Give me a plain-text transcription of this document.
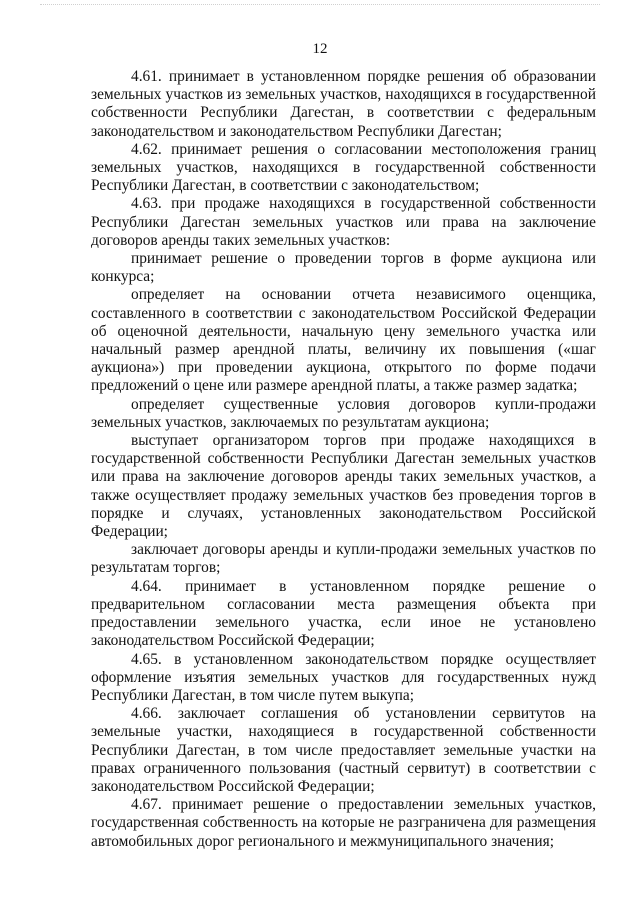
12

4.61. принимает в установленном порядке решения об образовании земельных участков из земельных участков, находящихся в государственной собственности Республики Дагестан, в соответствии с федеральным законодательством и законодательством Республики Дагестан;

4.62. принимает решения о согласовании местоположения границ земельных участков, находящихся в государственной собственности Республики Дагестан, в соответствии с законодательством;

4.63. при продаже находящихся в государственной собственности Республики Дагестан земельных участков или права на заключение договоров аренды таких земельных участков:

принимает решение о проведении торгов в форме аукциона или конкурса;

определяет на основании отчета независимого оценщика, составленного в соответствии с законодательством Российской Федерации об оценочной деятельности, начальную цену земельного участка или начальный размер арендной платы, величину их повышения («шаг аукциона») при проведении аукциона, открытого по форме подачи предложений о цене или размере арендной платы, а также размер задатка;

определяет существенные условия договоров купли-продажи земельных участков, заключаемых по результатам аукциона;

выступает организатором торгов при продаже находящихся в государственной собственности Республики Дагестан земельных участков или права на заключение договоров аренды таких земельных участков, а также осуществляет продажу земельных участков без проведения торгов в порядке и случаях, установленных законодательством Российской Федерации;

заключает договоры аренды и купли-продажи земельных участков по результатам торгов;

4.64. принимает в установленном порядке решение о предварительном согласовании места размещения объекта при предоставлении земельного участка, если иное не установлено законодательством Российской Федерации;

4.65. в установленном законодательством порядке осуществляет оформление изъятия земельных участков для государственных нужд Республики Дагестан, в том числе путем выкупа;

4.66. заключает соглашения об установлении сервитутов на земельные участки, находящиеся в государственной собственности Республики Дагестан, в том числе предоставляет земельные участки на правах ограниченного пользования (частный сервитут) в соответствии с законодательством Российской Федерации;

4.67. принимает решение о предоставлении земельных участков, государственная собственность на которые не разграничена для размещения автомобильных дорог регионального и межмуниципального значения;
